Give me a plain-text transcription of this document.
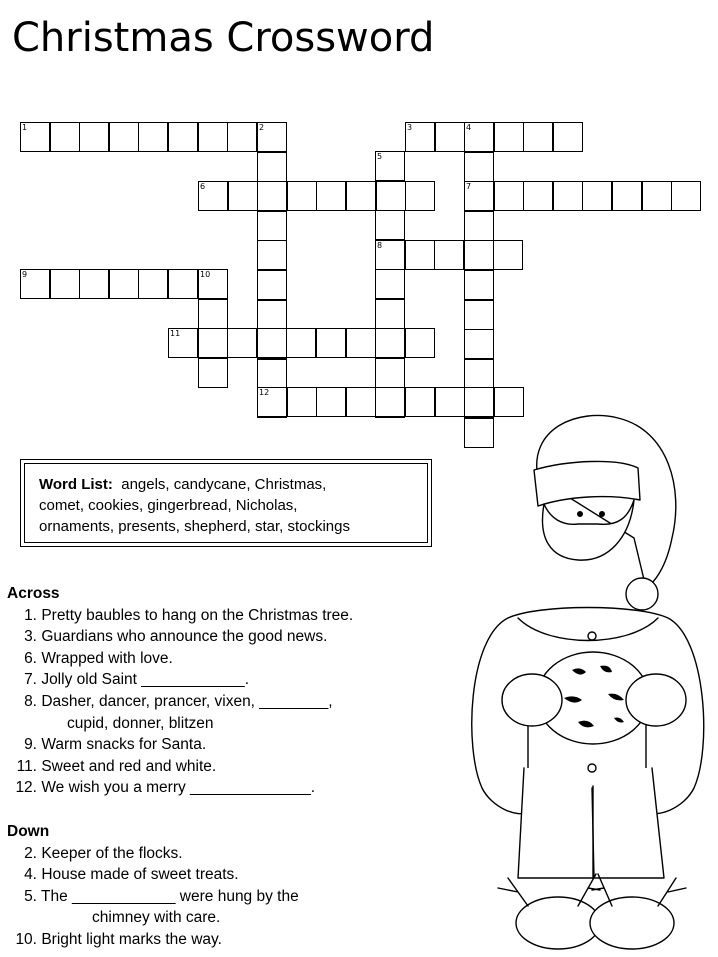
Christmas Crossword
1	2	3	4
5
6	7
8
9	10
11
12
Word List: angels, candycane, Christmas,
comet, cookies, gingerbread, Nicholas,
ornaments, presents, shepherd, star, stockings
Across
1. Pretty baubles to hang on the Christmas tree.
3. Guardians who announce the good news.
6. Wrapped with love.
7. Jolly old Saint ____________.
8. Dasher, dancer, prancer, vixen, ________,
cupid, donner, blitzen
9. Warm snacks for Santa.
11. Sweet and red and white.
12. We wish you a merry ______________.
Down
2. Keeper of the flocks.
4. House made of sweet treats.
5. The ____________ were hung by the
chimney with care.
10. Bright light marks the way.
